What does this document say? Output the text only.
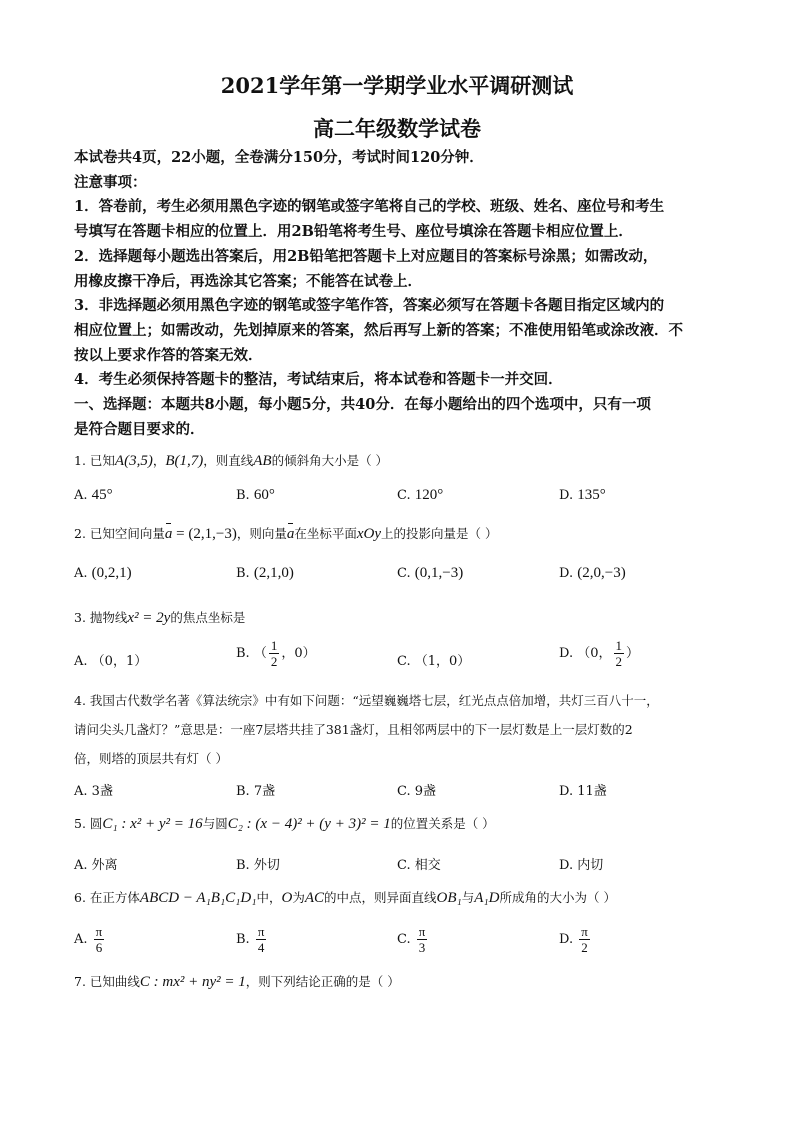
2021学年第一学期学业水平调研测试
高二年级数学试卷

本试卷共4页，22小题，全卷满分150分，考试时间120分钟．

注意事项：

1．答卷前，考生必须用黑色字迹的钢笔或签字笔将自己的学校、班级、姓名、座位号和考生

号填写在答题卡相应的位置上．用2B铅笔将考生号、座位号填涂在答题卡相应位置上．

2．选择题每小题选出答案后，用2B铅笔把答题卡上对应题目的答案标号涂黑；如需改动，

用橡皮擦干净后，再选涂其它答案；不能答在试卷上．

3．非选择题必须用黑色字迹的钢笔或签字笔作答，答案必须写在答题卡各题目指定区域内的

相应位置上；如需改动，先划掉原来的答案，然后再写上新的答案；不准使用铅笔或涂改液．不

按以上要求作答的答案无效．

4．考生必须保持答题卡的整洁，考试结束后，将本试卷和答题卡一并交回．

一、选择题：本题共8小题，每小题5分，共40分．在每小题给出的四个选项中，只有一项

是符合题目要求的．

1. 已知A(3,5)，B(1,7)，则直线AB的倾斜角大小是（ ）
A. 45°	B. 60°	C. 120°	D. 135°
2. 已知空间向量a = (2,1,−3)，则向量a在坐标平面xOy上的投影向量是（ ）
A. (0,2,1)	B. (2,1,0)	C. (0,1,−3)	D. (2,0,−3)
3. 抛物线x² = 2y的焦点坐标是
A. （0，1）
B. （ $\frac{1}{2}$ ，0）
C. （1，0）
D. （0， $\frac{1}{2}$ ）
4. 我国古代数学名著《算法统宗》中有如下问题：“远望巍巍塔七层，红光点点倍加增，共灯三百八十一，
请问尖头几盏灯？”意思是：一座7层塔共挂了381盏灯，且相邻两层中的下一层灯数是上一层灯数的2
倍，则塔的顶层共有灯（ ）
A. 3盏	B. 7盏	C. 9盏	D. 11盏
5. 圆C₁ : x² + y² = 16与圆C₂ : (x − 4)² + (y + 3)² = 1的位置关系是（ ）
A. 外离	B. 外切	C. 相交	D. 内切
6. 在正方体ABCD − A₁B₁C₁D₁中，O为AC的中点，则异面直线OB₁与A₁D所成角的大小为（ ）
A. $\frac{\pi}{6}$	B. $\frac{\pi}{4}$	C. $\frac{\pi}{3}$	D. $\frac{\pi}{2}$
7. 已知曲线C : mx² + ny² = 1，则下列结论正确的是（ ）
